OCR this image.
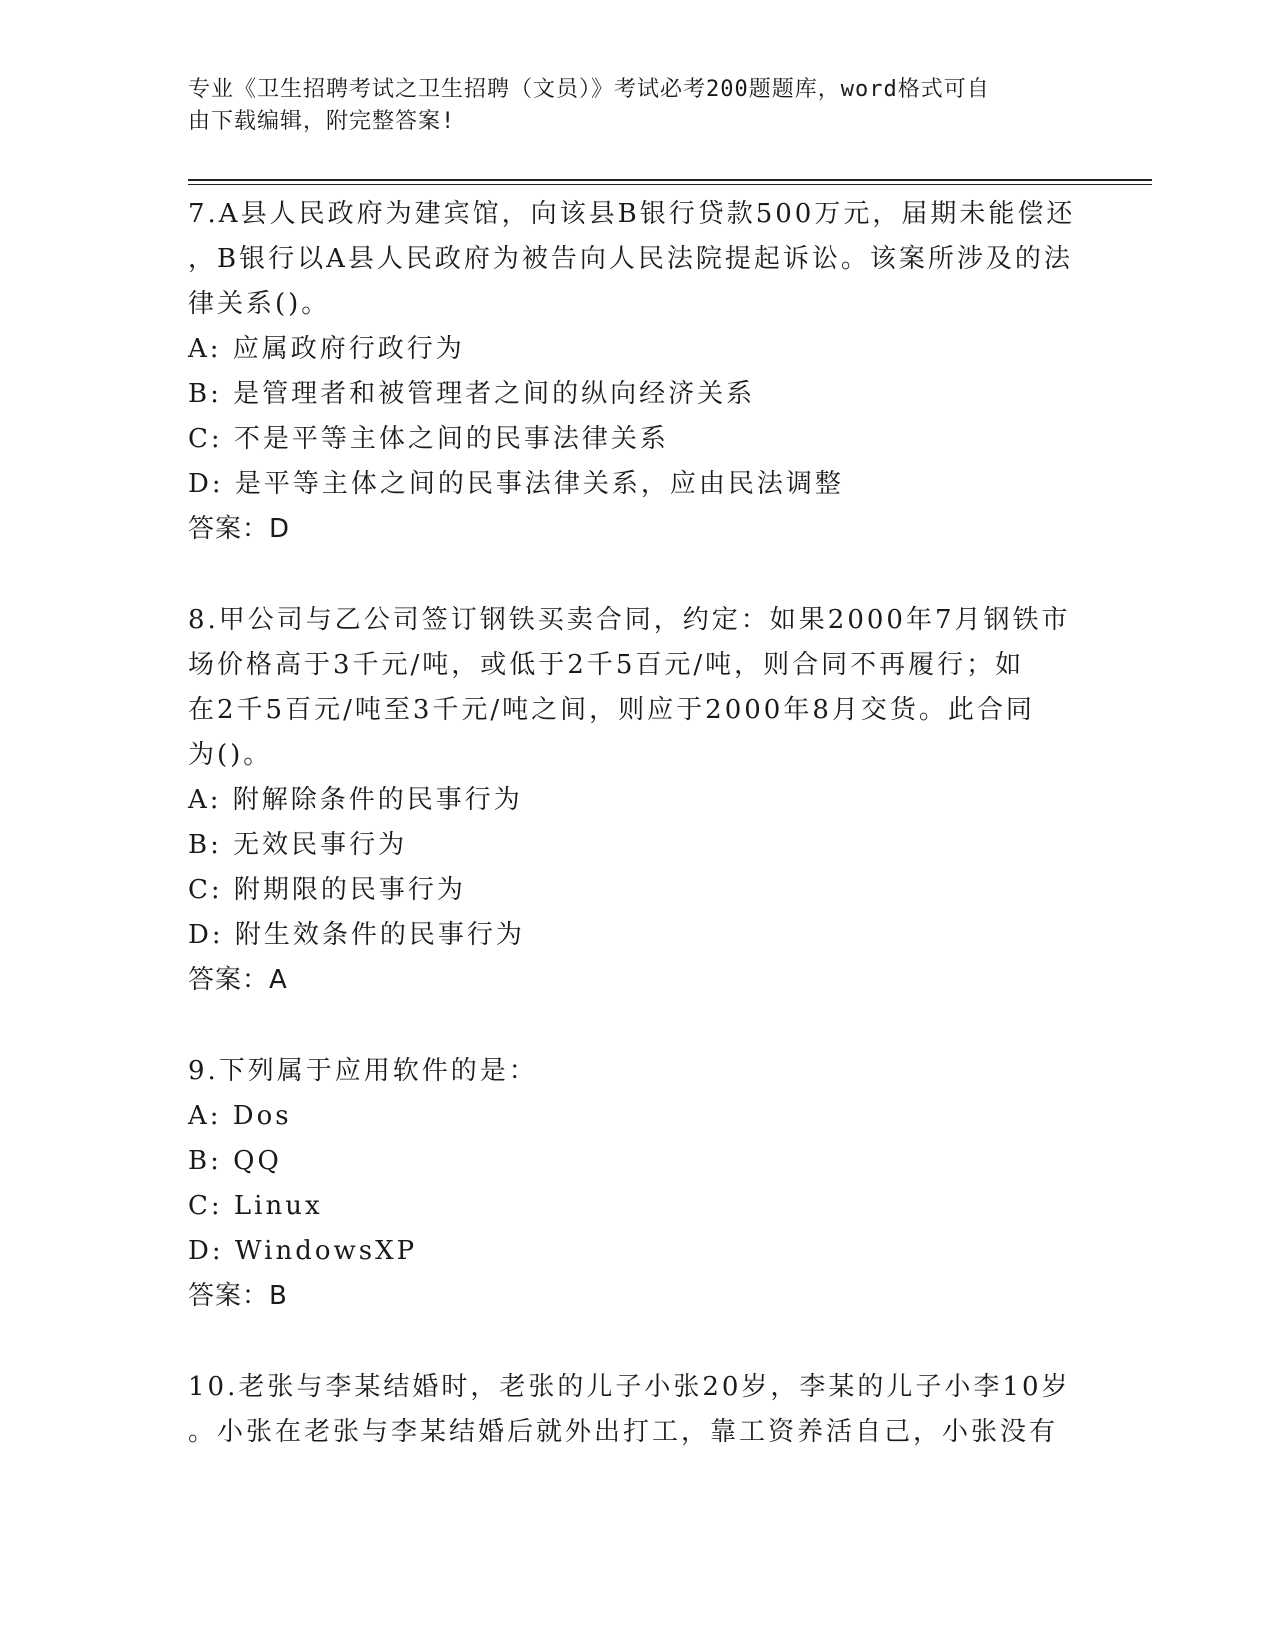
专业《卫生招聘考试之卫生招聘（文员）》考试必考200题题库，word格式可自
由下载编辑，附完整答案!

7.A县人民政府为建宾馆，向该县B银行贷款500万元，届期未能偿还

，B银行以A县人民政府为被告向人民法院提起诉讼。该案所涉及的法

律关系()。

A: 应属政府行政行为

B: 是管理者和被管理者之间的纵向经济关系

C: 不是平等主体之间的民事法律关系

D: 是平等主体之间的民事法律关系，应由民法调整

答案：D

8.甲公司与乙公司签订钢铁买卖合同，约定：如果2000年7月钢铁市

场价格高于3千元/吨，或低于2千5百元/吨，则合同不再履行；如

在2千5百元/吨至3千元/吨之间，则应于2000年8月交货。此合同

为()。

A: 附解除条件的民事行为

B: 无效民事行为

C: 附期限的民事行为

D: 附生效条件的民事行为

答案：A

9.下列属于应用软件的是：

A: Dos

B: QQ

C: Linux

D: WindowsXP

答案：B

10.老张与李某结婚时，老张的儿子小张20岁，李某的儿子小李10岁

。小张在老张与李某结婚后就外出打工，靠工资养活自己，小张没有
